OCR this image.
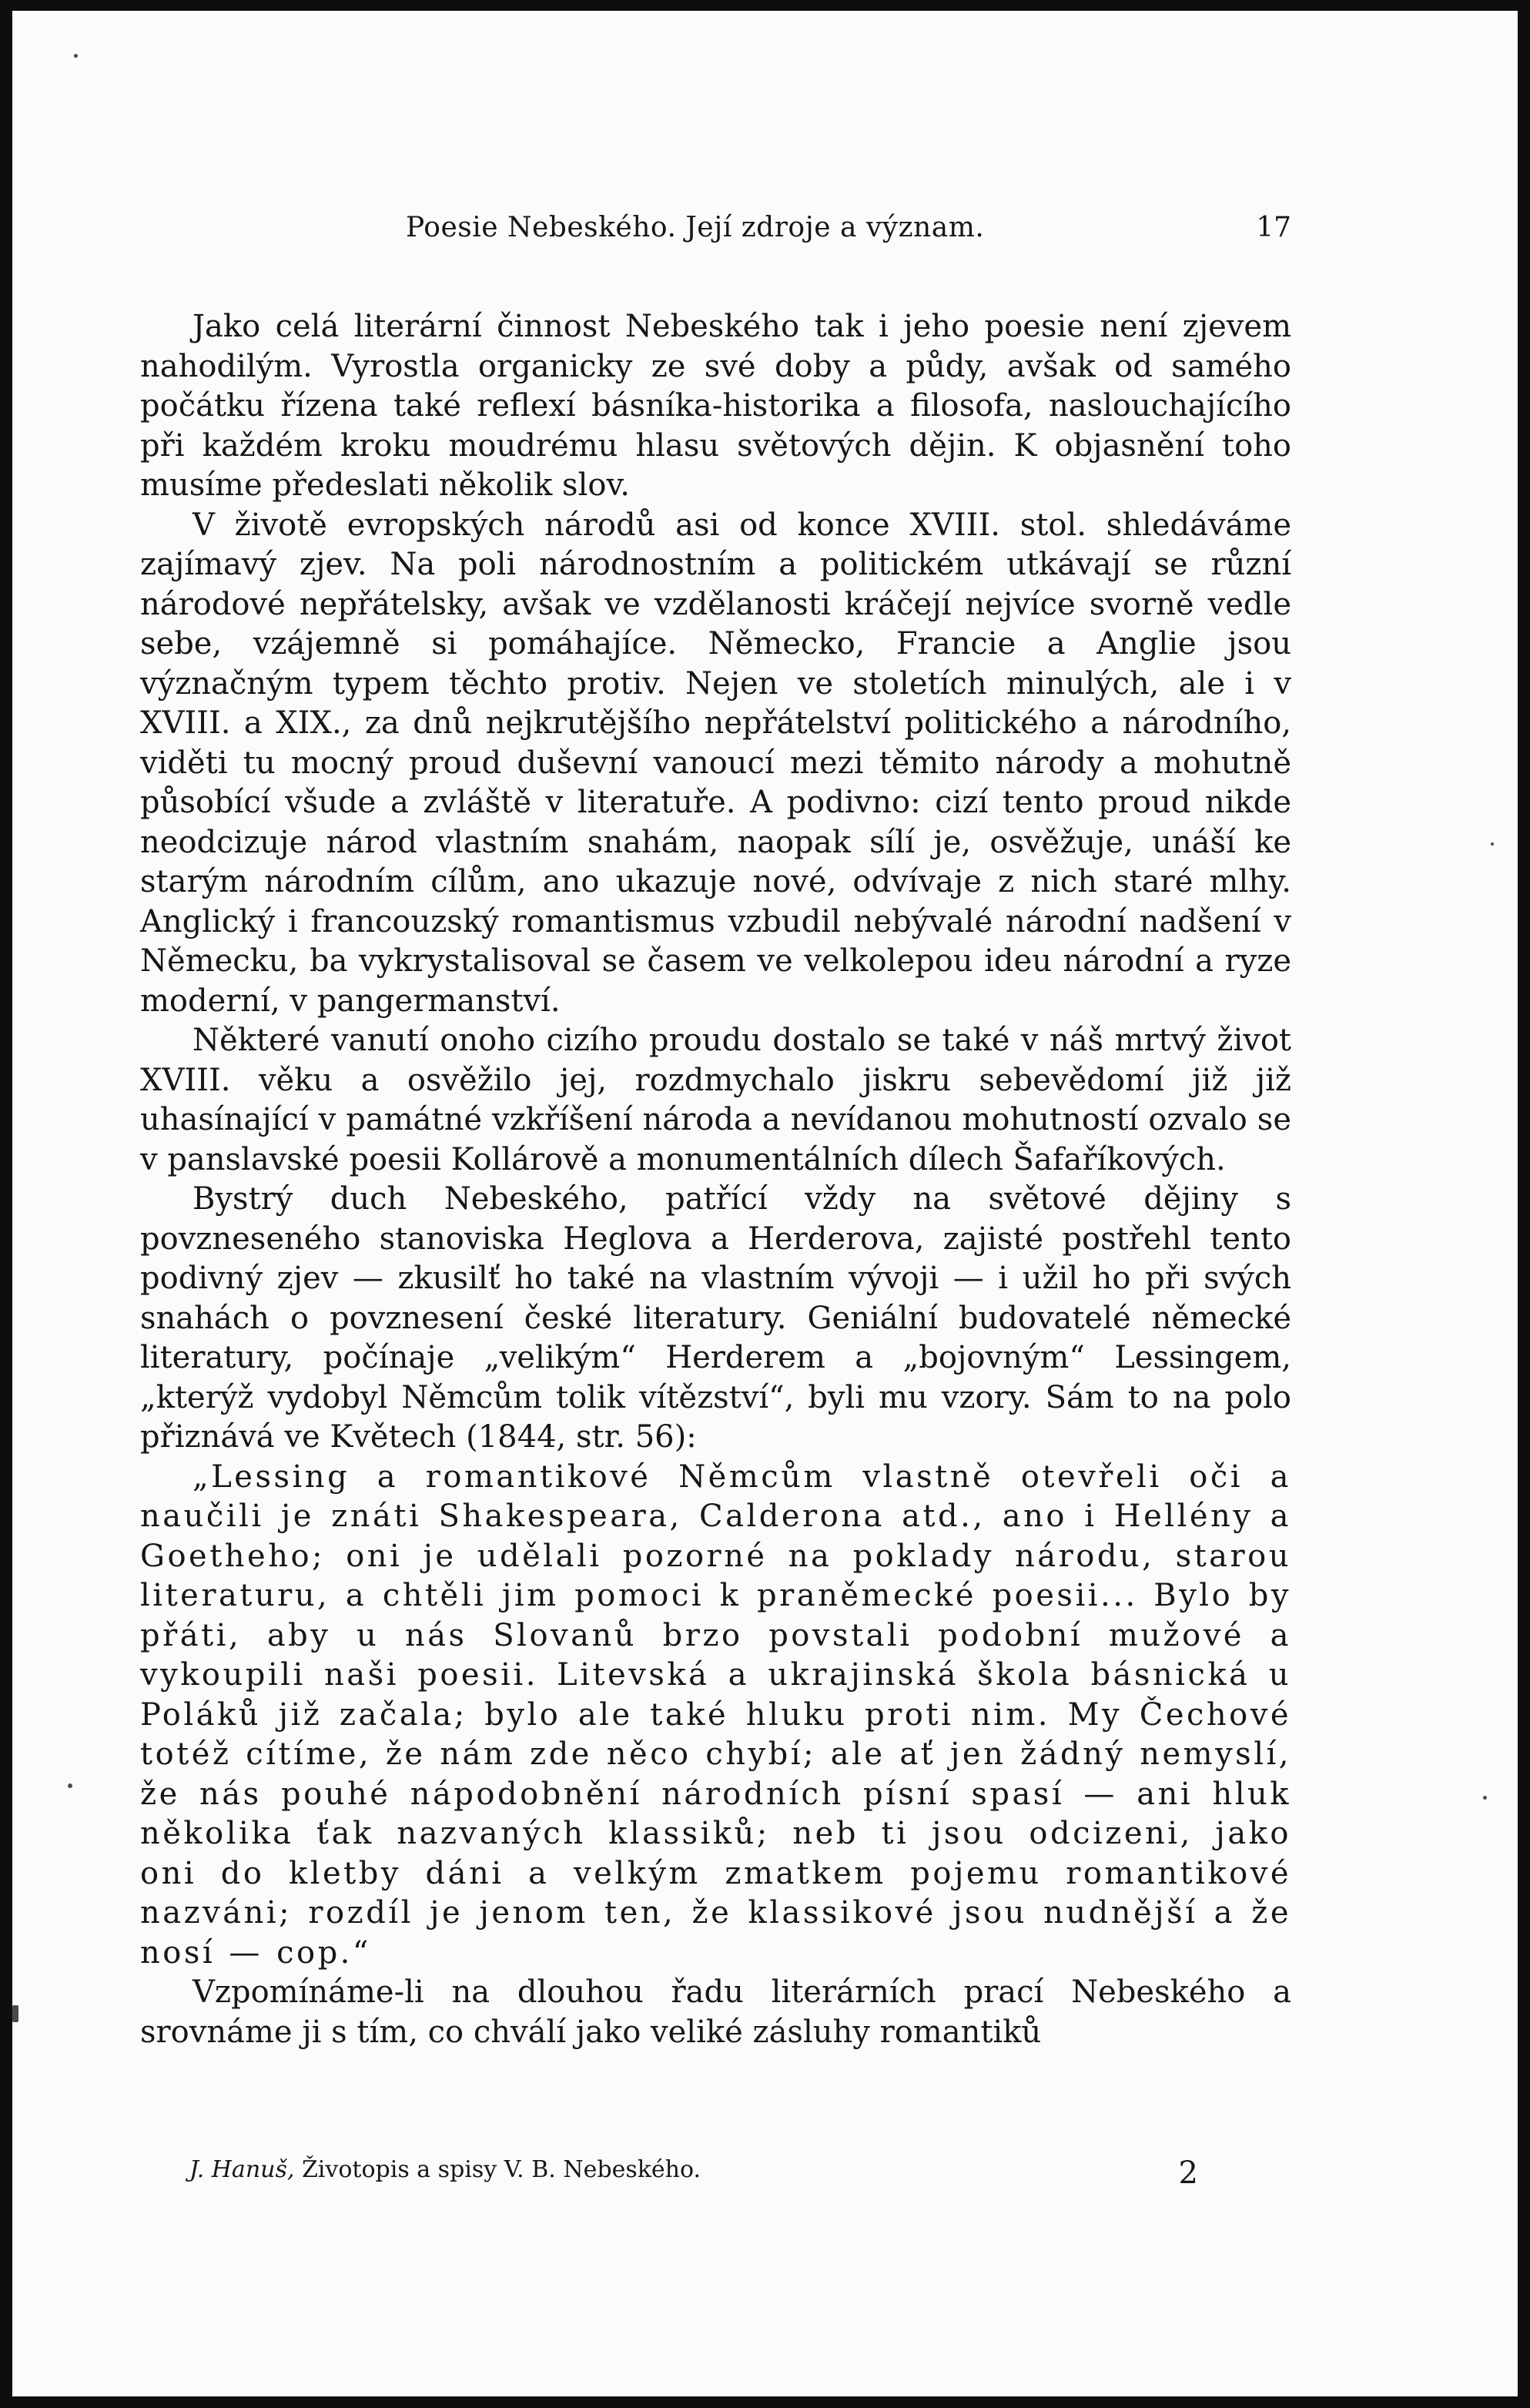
Poesie Nebeského. Její zdroje a význam.	17

Jako celá literární činnost Nebeského tak i jeho poesie není zjevem nahodilým. Vyrostla organicky ze své doby a půdy, avšak od samého počátku řízena také reflexí básníka-historika a filosofa, naslouchajícího při každém kroku moudrému hlasu světových dějin. K objasnění toho musíme předeslati několik slov.

V životě evropských národů asi od konce XVIII. stol. shledáváme zajímavý zjev. Na poli národnostním a politickém utkávají se různí národové nepřátelsky, avšak ve vzdělanosti kráčejí nejvíce svorně vedle sebe, vzájemně si pomáhajíce. Německo, Francie a Anglie jsou význačným typem těchto protiv. Nejen ve stoletích minulých, ale i v XVIII. a XIX., za dnů nejkrutějšího nepřátelství politického a národního, viděti tu mocný proud duševní vanoucí mezi těmito národy a mohutně působící všude a zvláště v literatuře. A podivno: cizí tento proud nikde neodcizuje národ vlastním snahám, naopak sílí je, osvěžuje, unáší ke starým národním cílům, ano ukazuje nové, odvívaje z nich staré mlhy. Anglický i francouzský romantismus vzbudil nebývalé národní nadšení v Německu, ba vykrystalisoval se časem ve velkolepou ideu národní a ryze moderní, v pangermanství.

Některé vanutí onoho cizího proudu dostalo se také v náš mrtvý život XVIII. věku a osvěžilo jej, rozdmychalo jiskru sebevědomí již již uhasínající v památné vzkříšení národa a nevídanou mohutností ozvalo se v panslavské poesii Kollárově a monumentálních dílech Šafaříkových.

Bystrý duch Nebeského, patřící vždy na světové dějiny s povzneseného stanoviska Heglova a Herderova, zajisté postřehl tento podivný zjev — zkusilť ho také na vlastním vývoji — i užil ho při svých snahách o povznesení české literatury. Geniální budovatelé německé literatury, počínaje „velikým“ Herderem a „bojovným“ Lessingem, „kterýž vydobyl Němcům tolik vítězství“, byli mu vzory. Sám to na polo přiznává ve Květech (1844, str. 56):

„Lessing a romantikové Němcům vlastně otevřeli oči a naučili je znáti Shakespeara, Calderona atd., ano i Hellény a Goetheho; oni je udělali pozorné na poklady národu, starou literaturu, a chtěli jim pomoci k praněmecké poesii... Bylo by přáti, aby u nás Slovanů brzo povstali podobní mužové a vykoupili naši poesii. Litevská a ukrajinská škola básnická u Poláků již začala; bylo ale také hluku proti nim. My Čechové totéž cítíme, že nám zde něco chybí; ale ať jen žádný nemyslí, že nás pouhé nápodobnění národních písní spasí — ani hluk několika ťak nazvaných klassiků; neb ti jsou odcizeni, jako oni do kletby dáni a velkým zmatkem pojemu romantikové nazváni; rozdíl je jenom ten, že klassikové jsou nudnější a že nosí — cop.“

Vzpomínáme-li na dlouhou řadu literárních prací Nebeského a srovnáme ji s tím, co chválí jako veliké zásluhy romantiků

J. Hanuš, Životopis a spisy V. B. Nebeského.	2
